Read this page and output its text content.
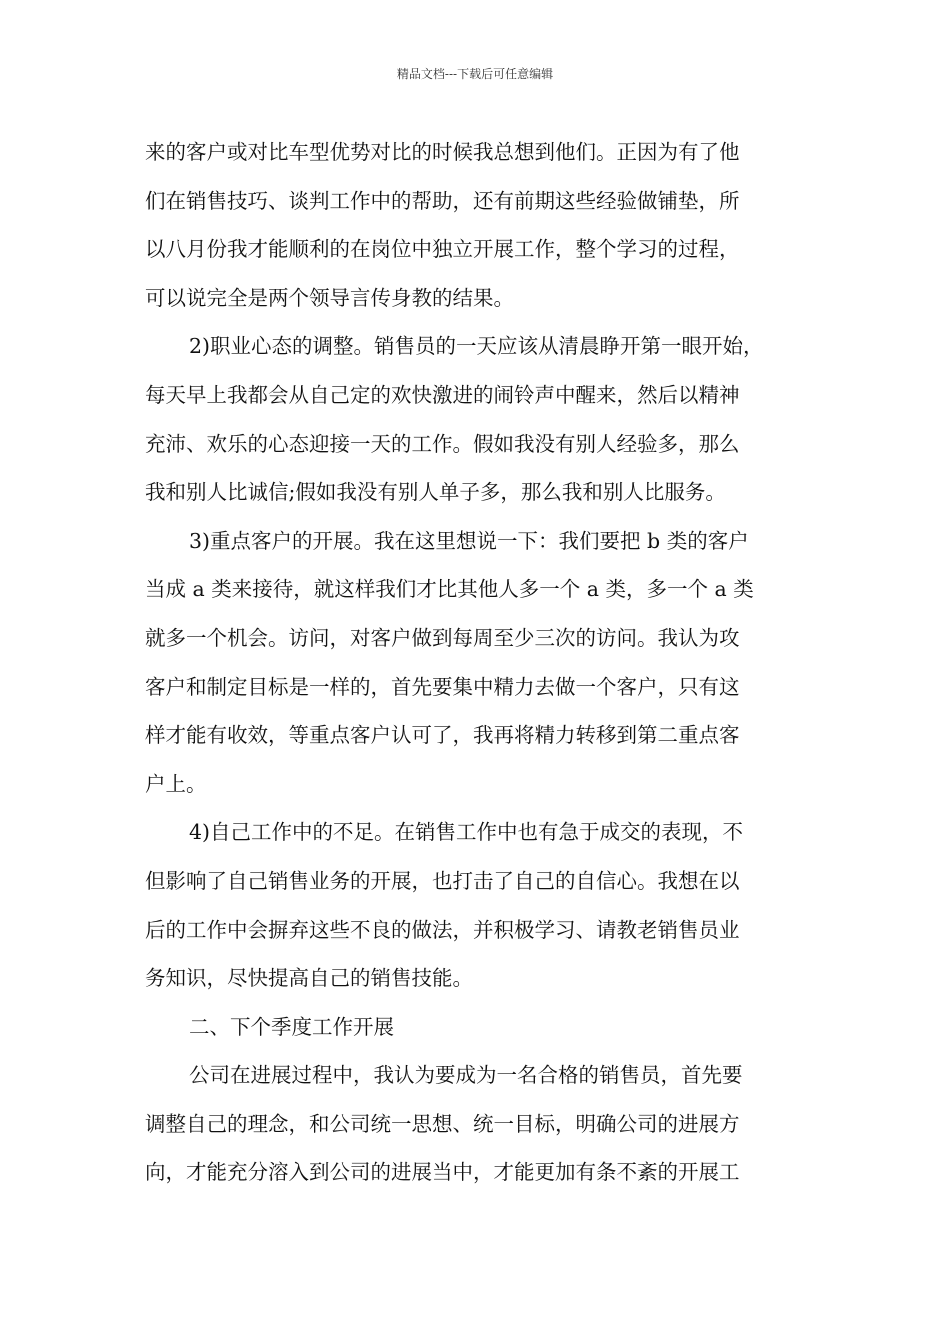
精品文档---下载后可任意编辑
来的客户或对比车型优势对比的时候我总想到他们。正因为有了他
们在销售技巧、谈判工作中的帮助，还有前期这些经验做铺垫，所
以八月份我才能顺利的在岗位中独立开展工作，整个学习的过程，
可以说完全是两个领导言传身教的结果。
2)职业心态的调整。销售员的一天应该从清晨睁开第一眼开始，
每天早上我都会从自己定的欢快激进的闹铃声中醒来，然后以精神
充沛、欢乐的心态迎接一天的工作。假如我没有别人经验多，那么
我和别人比诚信;假如我没有别人单子多，那么我和别人比服务。
3)重点客户的开展。我在这里想说一下：我们要把 b 类的客户
当成 a 类来接待，就这样我们才比其他人多一个 a 类，多一个 a 类
就多一个机会。访问，对客户做到每周至少三次的访问。我认为攻
客户和制定目标是一样的，首先要集中精力去做一个客户，只有这
样才能有收效，等重点客户认可了，我再将精力转移到第二重点客
户上。
4)自己工作中的不足。在销售工作中也有急于成交的表现，不
但影响了自己销售业务的开展，也打击了自己的自信心。我想在以
后的工作中会摒弃这些不良的做法，并积极学习、请教老销售员业
务知识，尽快提高自己的销售技能。
二、下个季度工作开展
公司在进展过程中，我认为要成为一名合格的销售员，首先要
调整自己的理念，和公司统一思想、统一目标，明确公司的进展方
向，才能充分溶入到公司的进展当中，才能更加有条不紊的开展工
